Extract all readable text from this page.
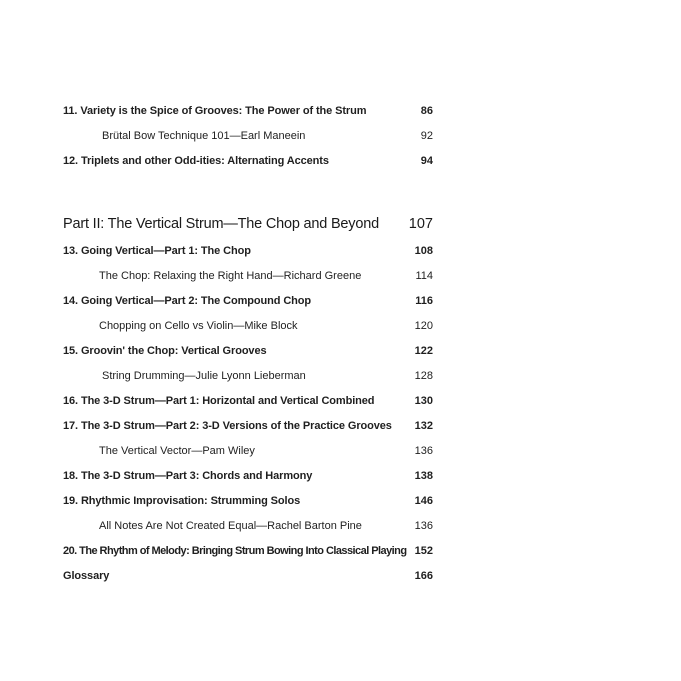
11. Variety is the Spice of Grooves: The Power of the Strum	86
Brütal Bow Technique 101—Earl Maneein	92
12. Triplets and other Odd-ities: Alternating Accents	94
Part II: The Vertical Strum—The Chop and Beyond 107
13. Going Vertical—Part 1: The Chop	108
The Chop: Relaxing the Right Hand—Richard Greene	114
14. Going Vertical—Part 2: The Compound Chop	116
Chopping on Cello vs Violin—Mike Block	120
15. Groovin' the Chop: Vertical Grooves	122
String Drumming—Julie Lyonn Lieberman	128
16. The 3-D Strum—Part 1: Horizontal and Vertical Combined	130
17. The 3-D Strum—Part 2: 3-D Versions of the Practice Grooves 132
The Vertical Vector—Pam Wiley	136
18. The 3-D Strum—Part 3: Chords and Harmony	138
19. Rhythmic Improvisation: Strumming Solos	146
All Notes Are Not Created Equal—Rachel Barton Pine	136
20. The Rhythm of Melody: Bringing Strum Bowing Into Classical Playing 152
Glossary	166
